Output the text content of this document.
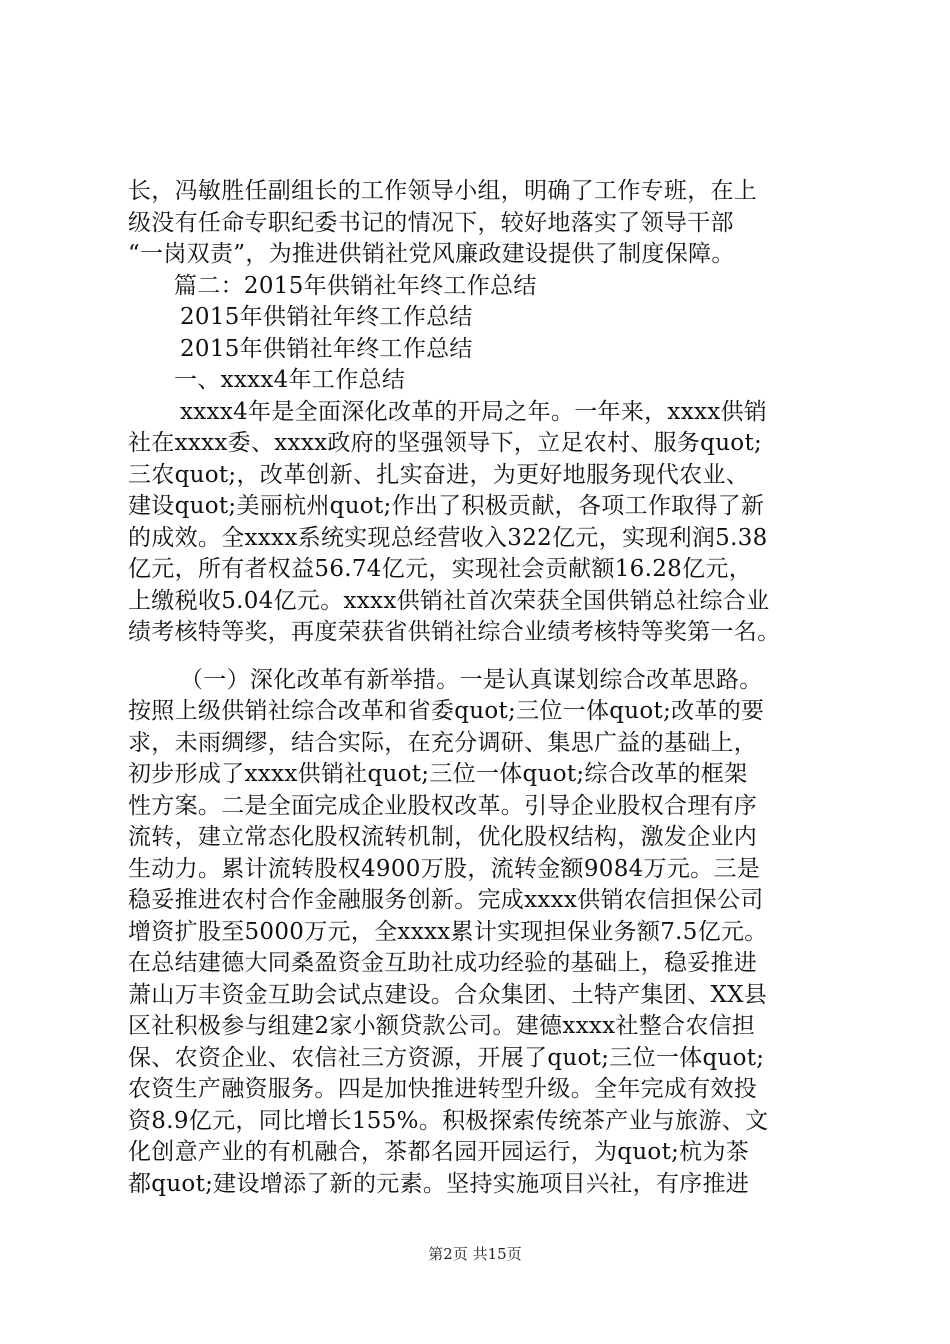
长，冯敏胜任副组长的工作领导小组，明确了工作专班，在上
级没有任命专职纪委书记的情况下，较好地落实了领导干部
“一岗双责”，为推进供销社党风廉政建设提供了制度保障。
篇二：2015年供销社年终工作总结
2015年供销社年终工作总结
2015年供销社年终工作总结
一、xxxx4年工作总结
xxxx4年是全面深化改革的开局之年。一年来，xxxx供销
社在xxxx委、xxxx政府的坚强领导下，立足农村、服务quot;
三农quot;，改革创新、扎实奋进，为更好地服务现代农业、
建设quot;美丽杭州quot;作出了积极贡献，各项工作取得了新
的成效。全xxxx系统实现总经营收入322亿元，实现利润5.38
亿元，所有者权益56.74亿元，实现社会贡献额16.28亿元，
上缴税收5.04亿元。xxxx供销社首次荣获全国供销总社综合业
绩考核特等奖，再度荣获省供销社综合业绩考核特等奖第一名。
（一）深化改革有新举措。一是认真谋划综合改革思路。
按照上级供销社综合改革和省委quot;三位一体quot;改革的要
求，未雨绸缪，结合实际，在充分调研、集思广益的基础上，
初步形成了xxxx供销社quot;三位一体quot;综合改革的框架
性方案。二是全面完成企业股权改革。引导企业股权合理有序
流转，建立常态化股权流转机制，优化股权结构，激发企业内
生动力。累计流转股权4900万股，流转金额9084万元。三是
稳妥推进农村合作金融服务创新。完成xxxx供销农信担保公司
增资扩股至5000万元，全xxxx累计实现担保业务额7.5亿元。
在总结建德大同桑盈资金互助社成功经验的基础上，稳妥推进
萧山万丰资金互助会试点建设。合众集团、土特产集团、XX县
区社积极参与组建2家小额贷款公司。建德xxxx社整合农信担
保、农资企业、农信社三方资源，开展了quot;三位一体quot;
农资生产融资服务。四是加快推进转型升级。全年完成有效投
资8.9亿元，同比增长155%。积极探索传统茶产业与旅游、文
化创意产业的有机融合，茶都名园开园运行，为quot;杭为茶
都quot;建设增添了新的元素。坚持实施项目兴社，有序推进
第2页 共15页
